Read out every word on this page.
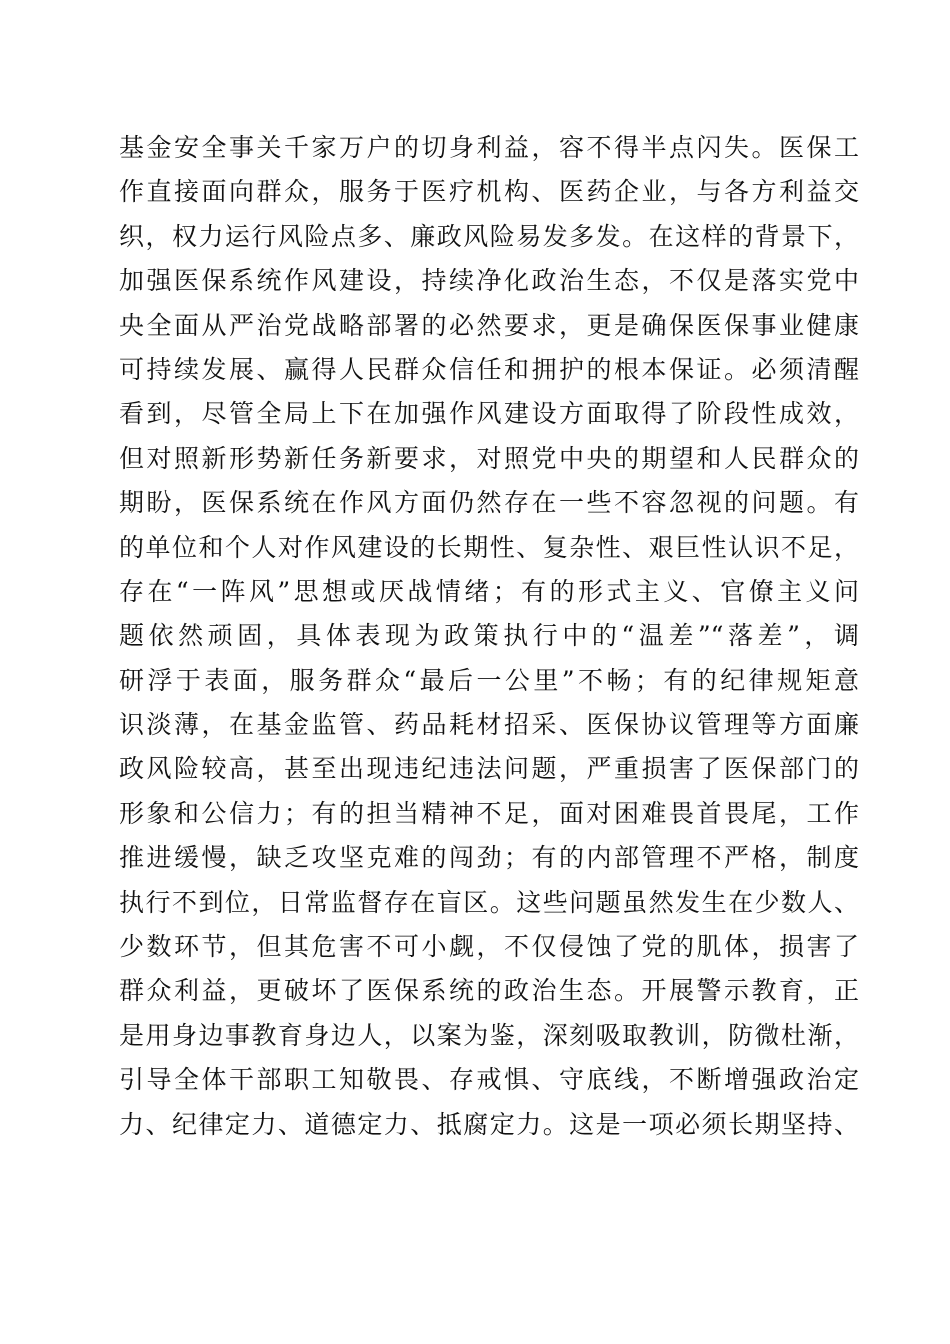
基金安全事关千家万户的切身利益，容不得半点闪失。医保工
作直接面向群众，服务于医疗机构、医药企业，与各方利益交
织，权力运行风险点多、廉政风险易发多发。在这样的背景下，
加强医保系统作风建设，持续净化政治生态，不仅是落实党中
央全面从严治党战略部署的必然要求，更是确保医保事业健康
可持续发展、赢得人民群众信任和拥护的根本保证。必须清醒
看到，尽管全局上下在加强作风建设方面取得了阶段性成效，
但对照新形势新任务新要求，对照党中央的期望和人民群众的
期盼，医保系统在作风方面仍然存在一些不容忽视的问题。有
的单位和个人对作风建设的长期性、复杂性、艰巨性认识不足，
存在“一阵风”思想或厌战情绪；有的形式主义、官僚主义问
题依然顽固，具体表现为政策执行中的“温差”“落差”，调
研浮于表面，服务群众“最后一公里”不畅；有的纪律规矩意
识淡薄，在基金监管、药品耗材招采、医保协议管理等方面廉
政风险较高，甚至出现违纪违法问题，严重损害了医保部门的
形象和公信力；有的担当精神不足，面对困难畏首畏尾，工作
推进缓慢，缺乏攻坚克难的闯劲；有的内部管理不严格，制度
执行不到位，日常监督存在盲区。这些问题虽然发生在少数人、
少数环节，但其危害不可小觑，不仅侵蚀了党的肌体，损害了
群众利益，更破坏了医保系统的政治生态。开展警示教育，正
是用身边事教育身边人，以案为鉴，深刻吸取教训，防微杜渐，
引导全体干部职工知敬畏、存戒惧、守底线，不断增强政治定
力、纪律定力、道德定力、抵腐定力。这是一项必须长期坚持、
